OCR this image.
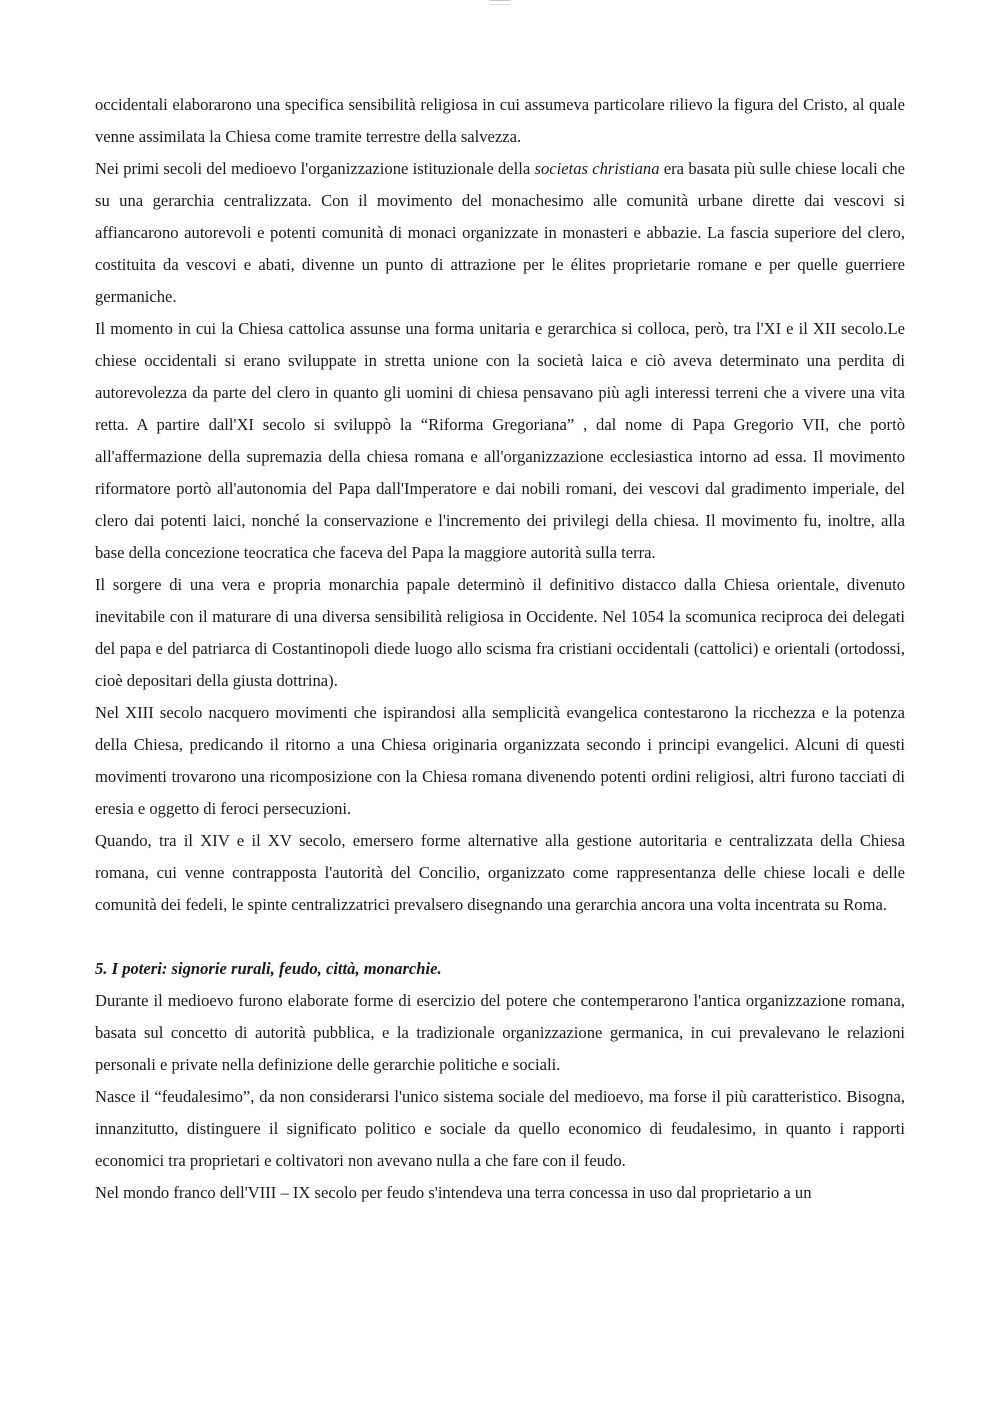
occidentali elaborarono una specifica sensibilità religiosa in cui assumeva particolare rilievo la figura del Cristo, al quale venne assimilata la Chiesa come tramite terrestre della salvezza.

Nei primi secoli del medioevo l'organizzazione istituzionale della societas christiana era basata più sulle chiese locali che su una gerarchia centralizzata. Con il movimento del monachesimo alle comunità urbane dirette dai vescovi si affiancarono autorevoli e potenti comunità di monaci organizzate in monasteri e abbazie. La fascia superiore del clero, costituita da vescovi e abati, divenne un punto di attrazione per le élites proprietarie romane e per quelle guerriere germaniche.

Il momento in cui la Chiesa cattolica assunse una forma unitaria e gerarchica si colloca, però, tra l'XI e il XII secolo.Le chiese occidentali si erano sviluppate in stretta unione con la società laica e ciò aveva determinato una perdita di autorevolezza da parte del clero in quanto gli uomini di chiesa pensavano più agli interessi terreni che a vivere una vita retta. A partire dall'XI secolo si sviluppò la “Riforma Gregoriana” , dal nome di Papa Gregorio VII, che portò all'affermazione della supremazia della chiesa romana e all'organizzazione ecclesiastica intorno ad essa. Il movimento riformatore portò all'autonomia del Papa dall'Imperatore e dai nobili romani, dei vescovi dal gradimento imperiale, del clero dai potenti laici, nonché la conservazione e l'incremento dei privilegi della chiesa. Il movimento fu, inoltre, alla base della concezione teocratica che faceva del Papa la maggiore autorità sulla terra.

Il sorgere di una vera e propria monarchia papale determinò il definitivo distacco dalla Chiesa orientale, divenuto inevitabile con il maturare di una diversa sensibilità religiosa in Occidente. Nel 1054 la scomunica reciproca dei delegati del papa e del patriarca di Costantinopoli diede luogo allo scisma fra cristiani occidentali (cattolici) e orientali (ortodossi, cioè depositari della giusta dottrina).

Nel XIII secolo nacquero movimenti che ispirandosi alla semplicità evangelica contestarono la ricchezza e la potenza della Chiesa, predicando il ritorno a una Chiesa originaria organizzata secondo i principi evangelici. Alcuni di questi movimenti trovarono una ricomposizione con la Chiesa romana divenendo potenti ordini religiosi, altri furono tacciati di eresia e oggetto di feroci persecuzioni.

Quando, tra il XIV e il XV secolo, emersero forme alternative alla gestione autoritaria e centralizzata della Chiesa romana, cui venne contrapposta l'autorità del Concilio, organizzato come rappresentanza delle chiese locali e delle comunità dei fedeli, le spinte centralizzatrici prevalsero disegnando una gerarchia ancora una volta incentrata su Roma.

5. I poteri: signorie rurali, feudo, città, monarchie.

Durante il medioevo furono elaborate forme di esercizio del potere che contemperarono l'antica organizzazione romana, basata sul concetto di autorità pubblica, e la tradizionale organizzazione germanica, in cui prevalevano le relazioni personali e private nella definizione delle gerarchie politiche e sociali.

Nasce il “feudalesimo”, da non considerarsi l'unico sistema sociale del medioevo, ma forse il più caratteristico. Bisogna, innanzitutto, distinguere il significato politico e sociale da quello economico di feudalesimo, in quanto i rapporti economici tra proprietari e coltivatori non avevano nulla a che fare con il feudo.

Nel mondo franco dell'VIII – IX secolo per feudo s'intendeva una terra concessa in uso dal proprietario a un
